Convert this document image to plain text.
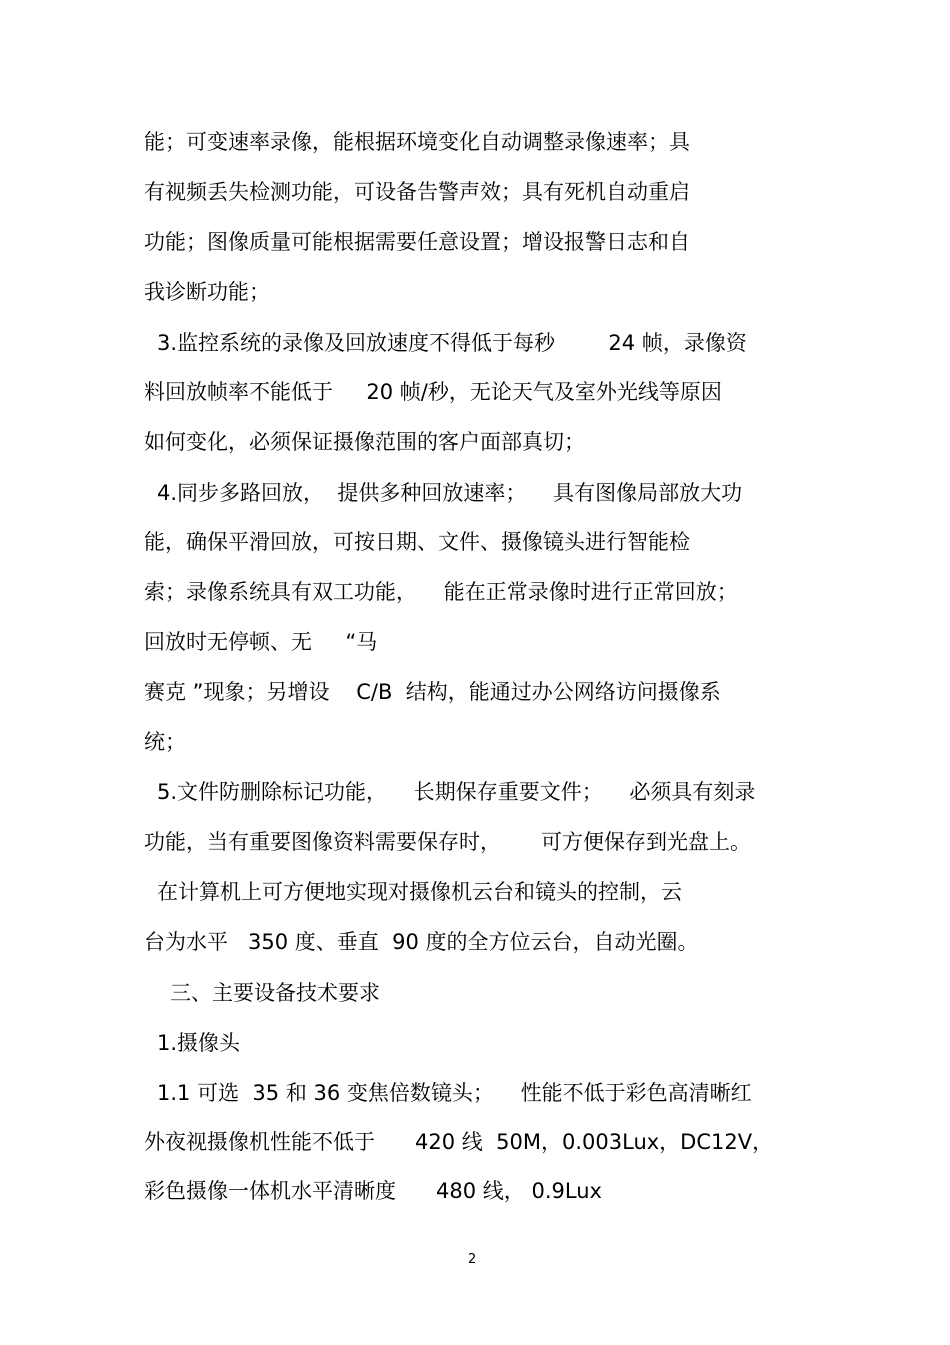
能；可变速率录像，能根据环境变化自动调整录像速率；具
有视频丢失检测功能，可设备告警声效；具有死机自动重启
功能；图像质量可能根据需要任意设置；增设报警日志和自
我诊断功能；
3.监控系统的录像及回放速度不得低于每秒        24 帧，录像资
料回放帧率不能低于     20 帧/秒，无论天气及室外光线等原因
如何变化，必须保证摄像范围的客户面部真切；
4.同步多路回放，  提供多种回放速率；    具有图像局部放大功
能，确保平滑回放，可按日期、文件、摄像镜头进行智能检
索；录像系统具有双工功能，    能在正常录像时进行正常回放；
回放时无停顿、无     “马
赛克 ”现象；另增设    C/B  结构，能通过办公网络访问摄像系
统；
5.文件防删除标记功能，    长期保存重要文件；    必须具有刻录
功能，当有重要图像资料需要保存时，      可方便保存到光盘上。
在计算机上可方便地实现对摄像机云台和镜头的控制，云
台为水平   350 度、垂直  90 度的全方位云台，自动光圈。
三、主要设备技术要求
1.摄像头
1.1 可选  35 和 36 变焦倍数镜头；    性能不低于彩色高清晰红
外夜视摄像机性能不低于      420 线  50M，0.003Lux，DC12V，
彩色摄像一体机水平清晰度      480 线， 0.9Lux
2
